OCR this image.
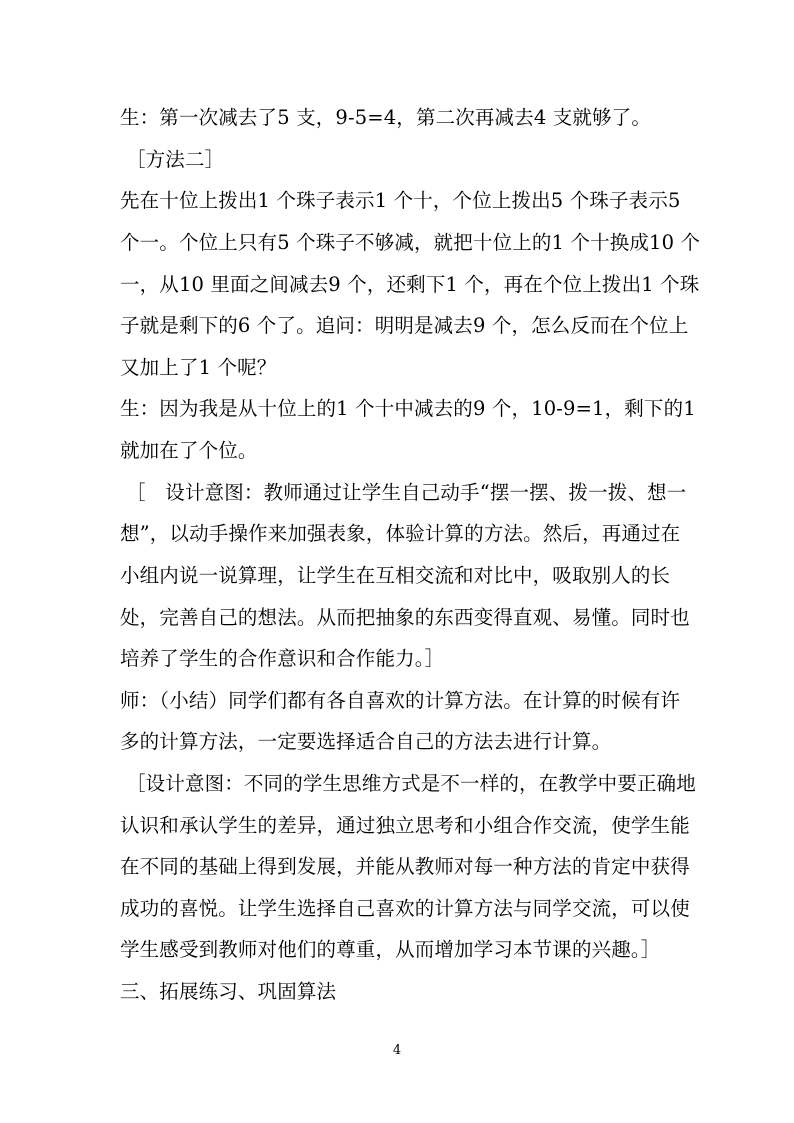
生：第一次减去了5 支，9-5=4，第二次再减去4 支就够了。
［方法二］
先在十位上拨出1 个珠子表示1 个十，个位上拨出5 个珠子表示5
个一。个位上只有5 个珠子不够减，就把十位上的1 个十换成10 个
一，从10 里面之间减去9 个，还剩下1 个，再在个位上拨出1 个珠
子就是剩下的6 个了。追问：明明是减去9 个，怎么反而在个位上
又加上了1 个呢？
生：因为我是从十位上的1 个十中减去的9 个，10-9=1，剩下的1
就加在了个位。
［　设计意图：教师通过让学生自己动手“摆一摆、拨一拨、想一
想”，以动手操作来加强表象，体验计算的方法。然后，再通过在
小组内说一说算理，让学生在互相交流和对比中，吸取别人的长
处，完善自己的想法。从而把抽象的东西变得直观、易懂。同时也
培养了学生的合作意识和合作能力。］
师：（小结）同学们都有各自喜欢的计算方法。在计算的时候有许
多的计算方法，一定要选择适合自己的方法去进行计算。
［设计意图：不同的学生思维方式是不一样的，在教学中要正确地
认识和承认学生的差异，通过独立思考和小组合作交流，使学生能
在不同的基础上得到发展，并能从教师对每一种方法的肯定中获得
成功的喜悦。让学生选择自己喜欢的计算方法与同学交流，可以使
学生感受到教师对他们的尊重，从而增加学习本节课的兴趣。］
三、拓展练习、巩固算法
4
